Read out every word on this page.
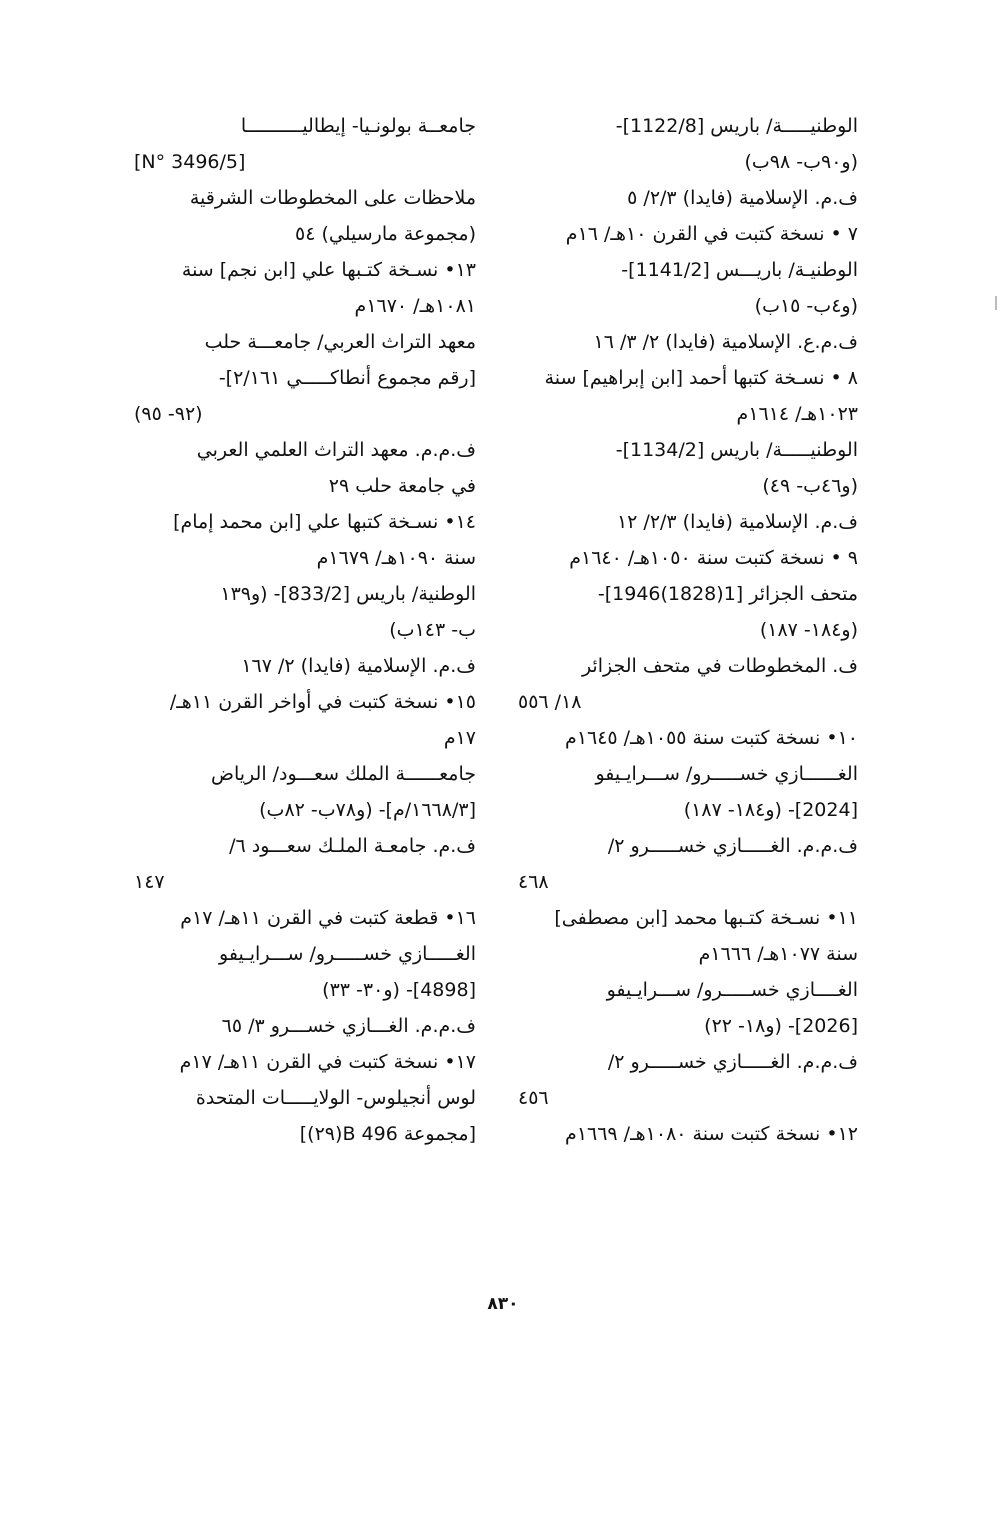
الوطنيـــــة/ باريس [1122/8]-
(و٩٠ب- ٩٨ب)
ف.م. الإسلامية (فايدا) ٢/٣/ ٥
٧ • نسخة كتبت في القرن ١٠هـ/ ١٦م
الوطنيـة/ باريـــس [1141/2]-
(و٤ب- ١٥ب)
ف.م.ع. الإسلامية (فايدا) ٢/ ٣/ ١٦
٨ • نسـخة كتبها أحمد [ابن إبراهيم] سنة
١٠٢٣هـ/ ١٦١٤م
الوطنيـــــة/ باريس [1134/2]-
(و٤٦ب- ٤٩)
ف.م. الإسلامية (فايدا) ٢/٣/ ١٢
٩ • نسخة كتبت سنة ١٠٥٠هـ/ ١٦٤٠م
متحف الجزائر [1(1828)1946]-
(و١٨٤- ١٨٧)
ف. المخطوطات في متحف الجزائر
١٨/ ٥٥٦
١٠• نسخة كتبت سنة ١٠٥٥هـ/ ١٦٤٥م
الغــــــازي خســـــرو/ ســـرايـيفو
[2024]- (و١٨٤- ١٨٧)
ف.م.م. الغـــــازي خســـــرو ٢/
٤٦٨
١١• نسـخة كتـبها محمد [ابن مصطفى]
سنة ١٠٧٧هـ/ ١٦٦٦م
الغــــازي خســـــرو/ ســـرايـيفو
[2026]- (و١٨- ٢٢)
ف.م.م. الغـــــازي خســـــرو ٢/
٤٥٦
١٢• نسخة كتبت سنة ١٠٨٠هـ/ ١٦٦٩م
جامعــة بولونـيا- إيطاليــــــــــا
[N° 3496/5]
ملاحظات على المخطوطات الشرقية
(مجموعة مارسيلي) ٥٤
١٣• نسـخة كتـبها علي [ابن نجم] سنة
١٠٨١هـ/ ١٦٧٠م
معهد التراث العربي/ جامعـــة حلب
[رقم مجموع أنطاكـــــي ٢/١٦١]-
(٩٢- ٩٥)
ف.م.م. معهد التراث العلمي العربي
في جامعة حلب ٢٩
١٤• نسـخة كتبها علي [ابن محمد إمام]
سنة ١٠٩٠هـ/ ١٦٧٩م
الوطنية/ باريس [833/2]- (و١٣٩
ب- ١٤٣ب)
ف.م. الإسلامية (فايدا) ٢/ ١٦٧
١٥• نسخة كتبت في أواخر القرن ١١هـ/
١٧م
جامعــــــة الملك سعـــود/ الرياض
[١٦٦٨/٣/م]- (و٧٨ب- ٨٢ب)
ف.م. جامعـة الملـك سعـــود ٦/
١٤٧
١٦• قطعة كتبت في القرن ١١هـ/ ١٧م
الغـــــازي خســـــرو/ ســـرايـيفو
[4898]- (و٣٠- ٣٣)
ف.م.م. الغـــازي خســـرو ٣/ ٦٥
١٧• نسخة كتبت في القرن ١١هـ/ ١٧م
لوس أنجيلوس- الولايـــــات المتحدة
[مجموعة B 496(٢٩)]
٨٣٠
